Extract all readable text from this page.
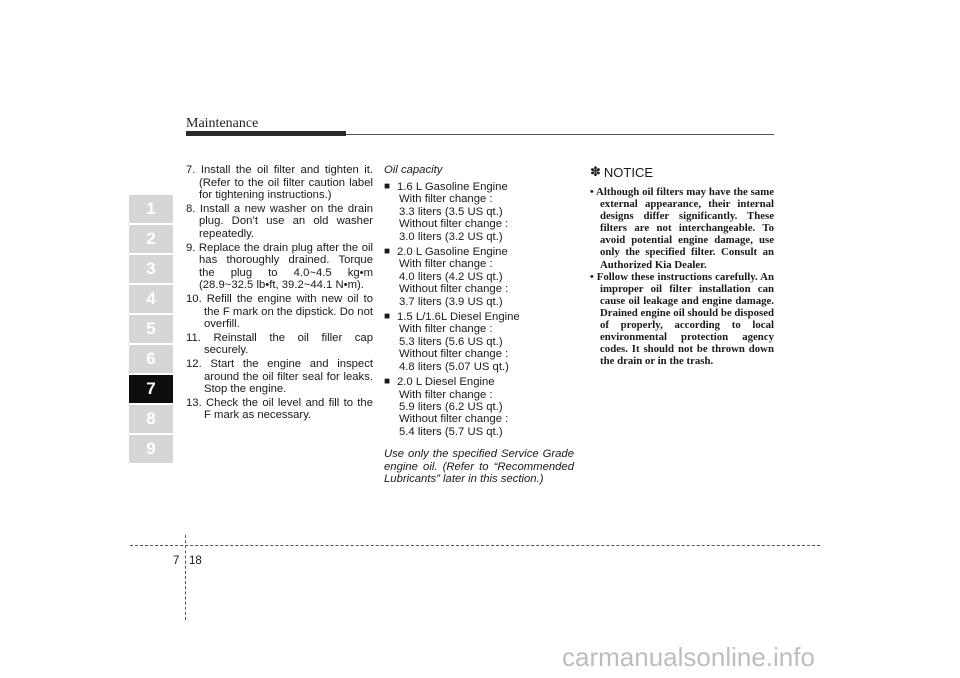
Maintenance
1
2
3
4
5
6
7
8
9
7. Install the oil filter and tighten it. (Refer to the oil filter caution label for tightening instructions.)
8. Install a new washer on the drain plug. Don’t use an old washer repeatedly.
9. Replace the drain plug after the oil has thoroughly drained. Torque the plug to 4.0~4.5 kg•m (28.9~32.5 lb•ft, 39.2~44.1 N•m).
10. Refill the engine with new oil to the F mark on the dipstick. Do not overfill.
11. Reinstall the oil filler cap securely.
12. Start the engine and inspect around the oil filter seal for leaks. Stop the engine.
13. Check the oil level and fill to the F mark as necessary.
Oil capacity
■ 1.6 L Gasoline Engine
With filter change :
3.3 liters (3.5 US qt.)
Without filter change :
3.0 liters (3.2 US qt.)
■ 2.0 L Gasoline Engine
With filter change :
4.0 liters (4.2 US qt.)
Without filter change :
3.7 liters (3.9 US qt.)
■ 1.5 L/1.6L Diesel Engine
With filter change :
5.3 liters (5.6 US qt.)
Without filter change :
4.8 liters (5.07 US qt.)
■ 2.0 L Diesel Engine
With filter change :
5.9 liters (6.2 US qt.)
Without filter change :
5.4 liters (5.7 US qt.)
Use only the specified Service Grade engine oil. (Refer to “Recommended Lubricants” later in this section.)
✽ NOTICE
• Although oil filters may have the same external appearance, their internal designs differ significantly. These filters are not interchangeable. To avoid potential engine damage, use only the specified filter. Consult an Authorized Kia Dealer.
• Follow these instructions carefully. An improper oil filter installation can cause oil leakage and engine damage. Drained engine oil should be disposed of properly, according to local environmental protection agency codes. It should not be thrown down the drain or in the trash.
7 18
carmanualsonline.info
